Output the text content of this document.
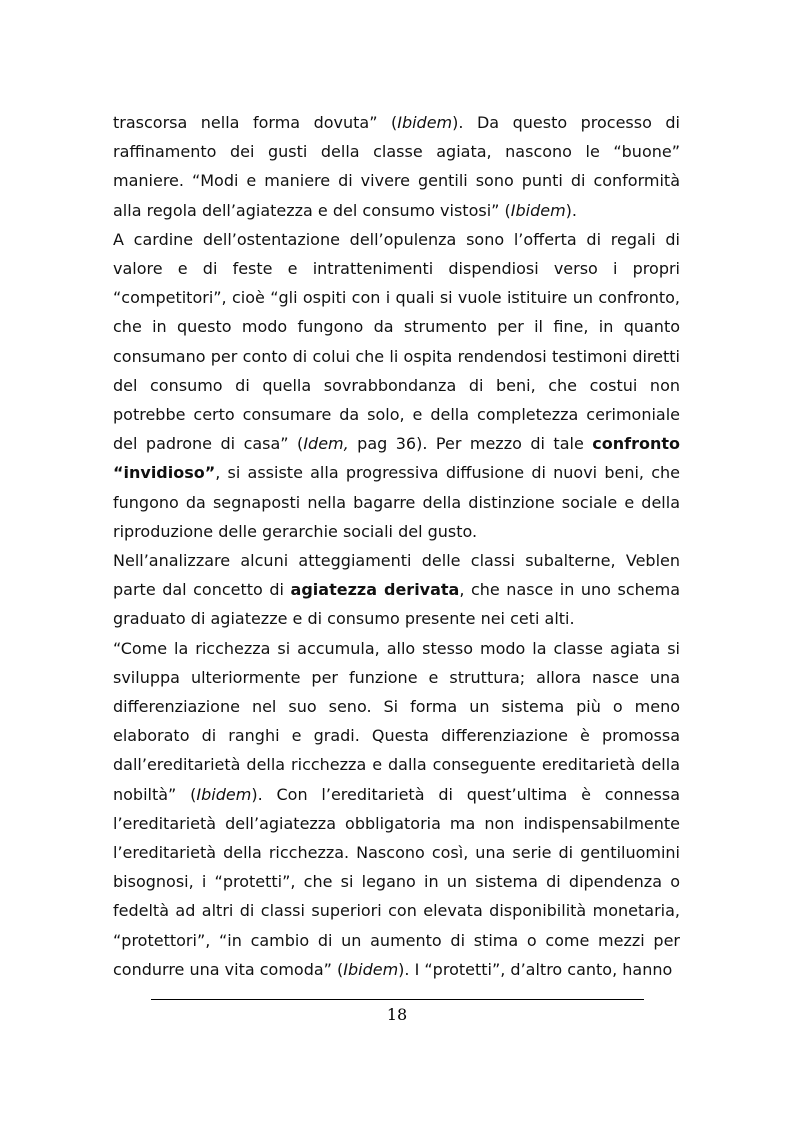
trascorsa nella forma dovuta” (Ibidem). Da questo processo di raffinamento dei gusti della classe agiata, nascono le “buone” maniere. “Modi e maniere di vivere gentili sono punti di conformità alla regola dell’agiatezza e del consumo vistosi” (Ibidem).

A cardine dell’ostentazione dell’opulenza sono l’offerta di regali di valore e di feste e intrattenimenti dispendiosi verso i propri “competitori”, cioè “gli ospiti con i quali si vuole istituire un confronto, che in questo modo fungono da strumento per il fine, in quanto consumano per conto di colui che li ospita rendendosi testimoni diretti del consumo di quella sovrabbondanza di beni, che costui non potrebbe certo consumare da solo, e della completezza cerimoniale del padrone di casa” (Idem, pag 36). Per mezzo di tale confronto “invidioso”, si assiste alla progressiva diffusione di nuovi beni, che fungono da segnaposti nella bagarre della distinzione sociale e della riproduzione delle gerarchie sociali del gusto.

Nell’analizzare alcuni atteggiamenti delle classi subalterne, Veblen parte dal concetto di agiatezza derivata, che nasce in uno schema graduato di agiatezze e di consumo presente nei ceti alti.

“Come la ricchezza si accumula, allo stesso modo la classe agiata si sviluppa ulteriormente per funzione e struttura; allora nasce una differenziazione nel suo seno. Si forma un sistema più o meno elaborato di ranghi e gradi. Questa differenziazione è promossa dall’ereditarietà della ricchezza e dalla conseguente ereditarietà della nobiltà” (Ibidem). Con l’ereditarietà di quest’ultima è connessa l’ereditarietà dell’agiatezza obbligatoria ma non indispensabilmente l’ereditarietà della ricchezza. Nascono così, una serie di gentiluomini bisognosi, i “protetti”, che si legano in un sistema di dipendenza o fedeltà ad altri di classi superiori con elevata disponibilità monetaria, “protettori”, “in cambio di un aumento di stima o come mezzi per condurre una vita comoda” (Ibidem). I “protetti”, d’altro canto, hanno

18
